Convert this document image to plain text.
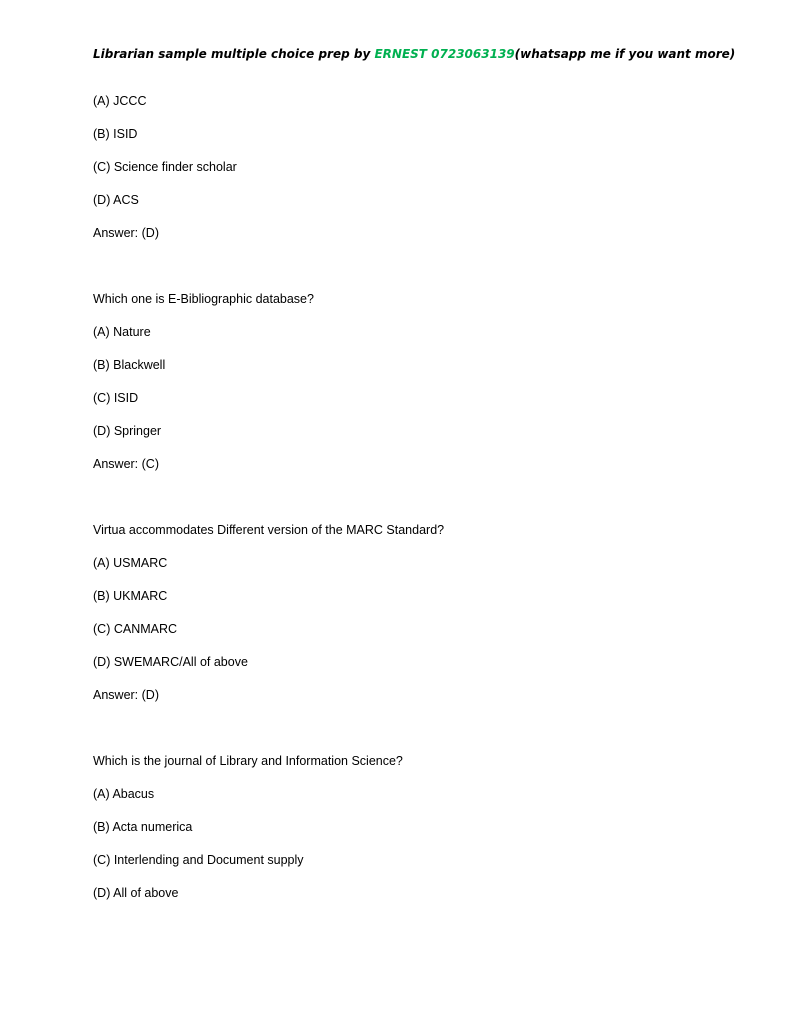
Librarian sample multiple choice prep by ERNEST 0723063139(whatsapp me if you want more)
(A) JCCC
(B) ISID
(C) Science finder scholar
(D) ACS
Answer: (D)
Which one is E-Bibliographic database?
(A) Nature
(B) Blackwell
(C) ISID
(D) Springer
Answer: (C)
Virtua accommodates Different version of the MARC Standard?
(A) USMARC
(B) UKMARC
(C) CANMARC
(D) SWEMARC/All of above
Answer: (D)
Which is the journal of Library and Information Science?
(A) Abacus
(B) Acta numerica
(C) Interlending and Document supply
(D) All of above
